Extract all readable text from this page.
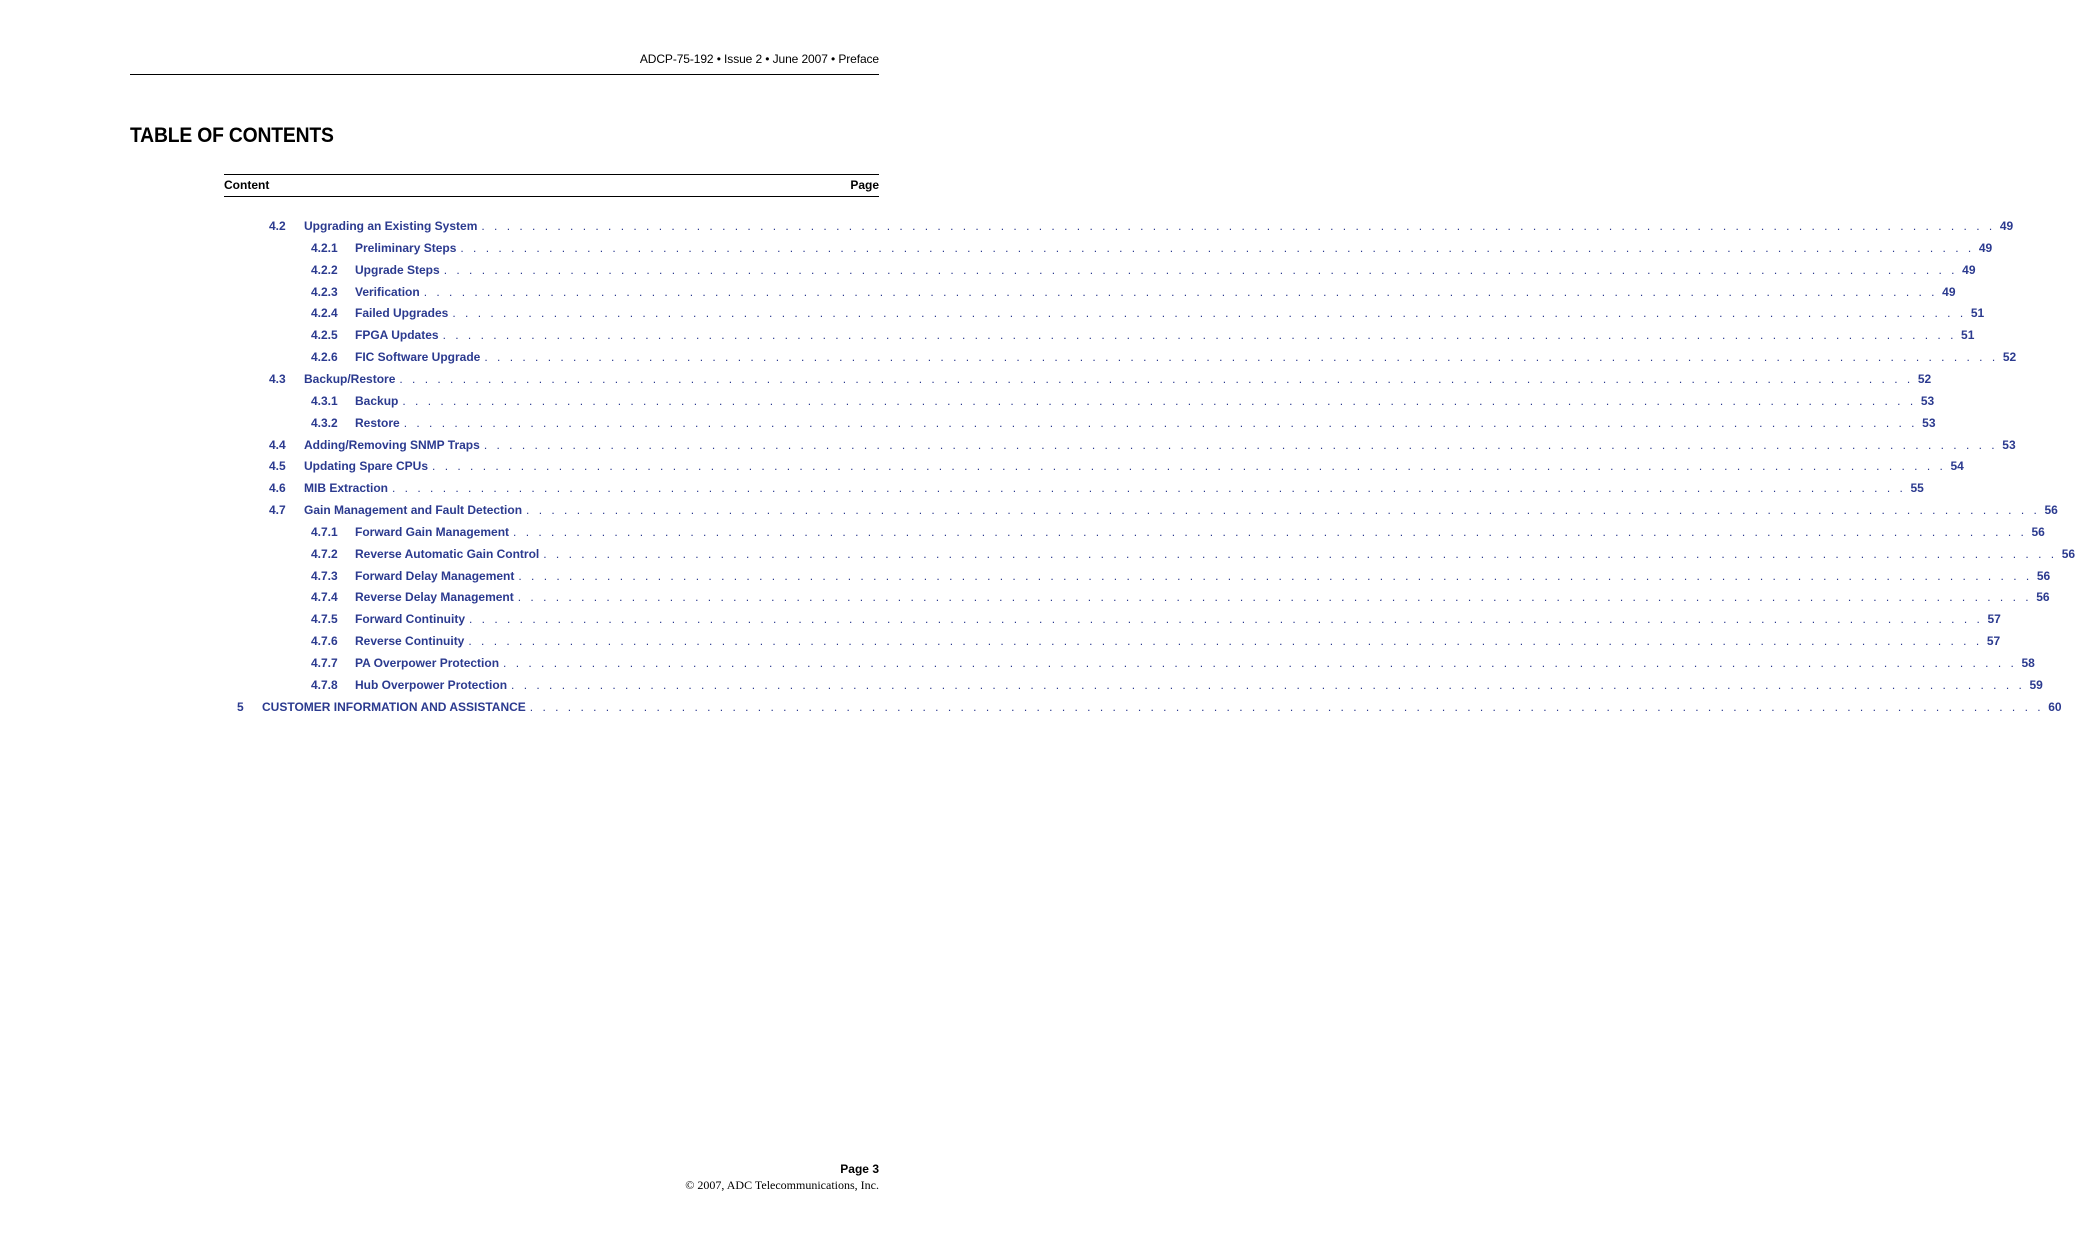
ADCP-75-192 • Issue 2 • June 2007 • Preface
TABLE OF CONTENTS
Content	Page
4.2	Upgrading an Existing System . . . . . . . . . . . . . . . . . . . . . . . . . . . . . . . . . . . . . . . . . . . . . . . . . . . . . . . . . . . . . . . . . . . . . . . . . . . . . . . . . . . . . . . . . . . . . . . . . . . . . . . . . . . . . . . . . . . . . . . . 49
4.2.1	Preliminary Steps . . . . . . . . . . . . . . . . . . . . . . . . . . . . . . . . . . . . . . . . . . . . . . . . . . . . . . . . . . . . . . . . . . . . . . . . . . . . . . . . . . . . . . . . . . . . . . . . . . . . . . . . . . . . . . . . . . . . . . . . 49
4.2.2	Upgrade Steps . . . . . . . . . . . . . . . . . . . . . . . . . . . . . . . . . . . . . . . . . . . . . . . . . . . . . . . . . . . . . . . . . . . . . . . . . . . . . . . . . . . . . . . . . . . . . . . . . . . . . . . . . . . . . . . . . . . . . . . . 49
4.2.3	Verification . . . . . . . . . . . . . . . . . . . . . . . . . . . . . . . . . . . . . . . . . . . . . . . . . . . . . . . . . . . . . . . . . . . . . . . . . . . . . . . . . . . . . . . . . . . . . . . . . . . . . . . . . . . . . . . . . . . . . . . . 49
4.2.4	Failed Upgrades . . . . . . . . . . . . . . . . . . . . . . . . . . . . . . . . . . . . . . . . . . . . . . . . . . . . . . . . . . . . . . . . . . . . . . . . . . . . . . . . . . . . . . . . . . . . . . . . . . . . . . . . . . . . . . . . . . . . . . . . 51
4.2.5	FPGA Updates . . . . . . . . . . . . . . . . . . . . . . . . . . . . . . . . . . . . . . . . . . . . . . . . . . . . . . . . . . . . . . . . . . . . . . . . . . . . . . . . . . . . . . . . . . . . . . . . . . . . . . . . . . . . . . . . . . . . . . . . 51
4.2.6	FIC Software Upgrade . . . . . . . . . . . . . . . . . . . . . . . . . . . . . . . . . . . . . . . . . . . . . . . . . . . . . . . . . . . . . . . . . . . . . . . . . . . . . . . . . . . . . . . . . . . . . . . . . . . . . . . . . . . . . . . . . . . . . . . . 52
4.3	Backup/Restore . . . . . . . . . . . . . . . . . . . . . . . . . . . . . . . . . . . . . . . . . . . . . . . . . . . . . . . . . . . . . . . . . . . . . . . . . . . . . . . . . . . . . . . . . . . . . . . . . . . . . . . . . . . . . . . . . . . . . . . . 52
4.3.1	Backup . . . . . . . . . . . . . . . . . . . . . . . . . . . . . . . . . . . . . . . . . . . . . . . . . . . . . . . . . . . . . . . . . . . . . . . . . . . . . . . . . . . . . . . . . . . . . . . . . . . . . . . . . . . . . . . . . . . . . . . . 53
4.3.2	Restore . . . . . . . . . . . . . . . . . . . . . . . . . . . . . . . . . . . . . . . . . . . . . . . . . . . . . . . . . . . . . . . . . . . . . . . . . . . . . . . . . . . . . . . . . . . . . . . . . . . . . . . . . . . . . . . . . . . . . . . . 53
4.4	Adding/Removing SNMP Traps . . . . . . . . . . . . . . . . . . . . . . . . . . . . . . . . . . . . . . . . . . . . . . . . . . . . . . . . . . . . . . . . . . . . . . . . . . . . . . . . . . . . . . . . . . . . . . . . . . . . . . . . . . . . . . . . . . . . . . . . 53
4.5	Updating Spare CPUs . . . . . . . . . . . . . . . . . . . . . . . . . . . . . . . . . . . . . . . . . . . . . . . . . . . . . . . . . . . . . . . . . . . . . . . . . . . . . . . . . . . . . . . . . . . . . . . . . . . . . . . . . . . . . . . . . . . . . . . . 54
4.6	MIB Extraction . . . . . . . . . . . . . . . . . . . . . . . . . . . . . . . . . . . . . . . . . . . . . . . . . . . . . . . . . . . . . . . . . . . . . . . . . . . . . . . . . . . . . . . . . . . . . . . . . . . . . . . . . . . . . . . . . . . . . . . . 55
4.7	Gain Management and Fault Detection . . . . . . . . . . . . . . . . . . . . . . . . . . . . . . . . . . . . . . . . . . . . . . . . . . . . . . . . . . . . . . . . . . . . . . . . . . . . . . . . . . . . . . . . . . . . . . . . . . . . . . . . . . . . . . . . . . . . . . . . 56
4.7.1	Forward Gain Management . . . . . . . . . . . . . . . . . . . . . . . . . . . . . . . . . . . . . . . . . . . . . . . . . . . . . . . . . . . . . . . . . . . . . . . . . . . . . . . . . . . . . . . . . . . . . . . . . . . . . . . . . . . . . . . . . . . . . . . . 56
4.7.2	Reverse Automatic Gain Control . . . . . . . . . . . . . . . . . . . . . . . . . . . . . . . . . . . . . . . . . . . . . . . . . . . . . . . . . . . . . . . . . . . . . . . . . . . . . . . . . . . . . . . . . . . . . . . . . . . . . . . . . . . . . . . . . . . . . . . . 56
4.7.3	Forward Delay Management . . . . . . . . . . . . . . . . . . . . . . . . . . . . . . . . . . . . . . . . . . . . . . . . . . . . . . . . . . . . . . . . . . . . . . . . . . . . . . . . . . . . . . . . . . . . . . . . . . . . . . . . . . . . . . . . . . . . . . . . 56
4.7.4	Reverse Delay Management . . . . . . . . . . . . . . . . . . . . . . . . . . . . . . . . . . . . . . . . . . . . . . . . . . . . . . . . . . . . . . . . . . . . . . . . . . . . . . . . . . . . . . . . . . . . . . . . . . . . . . . . . . . . . . . . . . . . . . . . 56
4.7.5	Forward Continuity . . . . . . . . . . . . . . . . . . . . . . . . . . . . . . . . . . . . . . . . . . . . . . . . . . . . . . . . . . . . . . . . . . . . . . . . . . . . . . . . . . . . . . . . . . . . . . . . . . . . . . . . . . . . . . . . . . . . . . . . 57
4.7.6	Reverse Continuity . . . . . . . . . . . . . . . . . . . . . . . . . . . . . . . . . . . . . . . . . . . . . . . . . . . . . . . . . . . . . . . . . . . . . . . . . . . . . . . . . . . . . . . . . . . . . . . . . . . . . . . . . . . . . . . . . . . . . . . . 57
4.7.7	PA Overpower Protection . . . . . . . . . . . . . . . . . . . . . . . . . . . . . . . . . . . . . . . . . . . . . . . . . . . . . . . . . . . . . . . . . . . . . . . . . . . . . . . . . . . . . . . . . . . . . . . . . . . . . . . . . . . . . . . . . . . . . . . . 58
4.7.8	Hub Overpower Protection . . . . . . . . . . . . . . . . . . . . . . . . . . . . . . . . . . . . . . . . . . . . . . . . . . . . . . . . . . . . . . . . . . . . . . . . . . . . . . . . . . . . . . . . . . . . . . . . . . . . . . . . . . . . . . . . . . . . . . . . 59
5	CUSTOMER INFORMATION AND ASSISTANCE . . . . . . . . . . . . . . . . . . . . . . . . . . . . . . . . . . . . . . . . . . . . . . . . . . . . . . . . . . . . . . . . . . . . . . . . . . . . . . . . . . . . . . . . . . . . . . . . . . . . . . . . . . . . . . . . . . . . . . . . 60
Page 3
© 2007, ADC Telecommunications, Inc.
